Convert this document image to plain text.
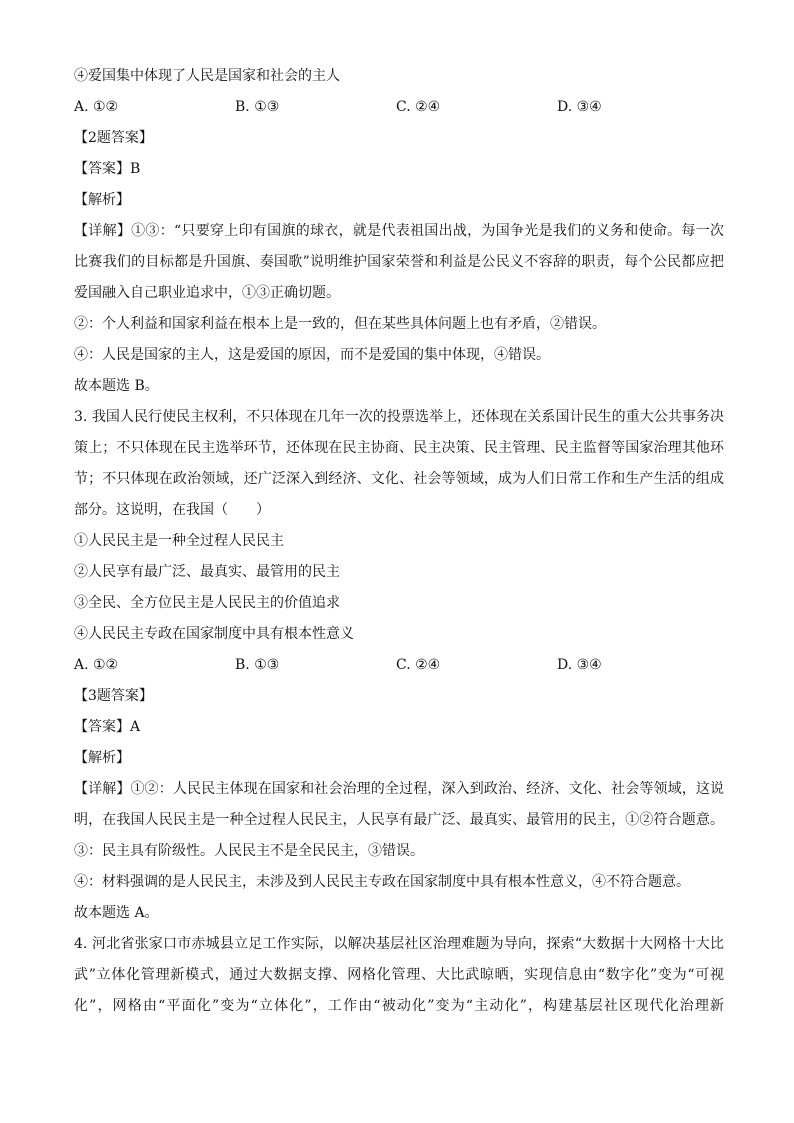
④爱国集中体现了人民是国家和社会的主人
A. ①②	B. ①③	C. ②④	D. ③④
【2题答案】
【答案】B
【解析】
【详解】①③：“只要穿上印有国旗的球衣，就是代表祖国出战，为国争光是我们的义务和使命。每一次
比赛我们的目标都是升国旗、奏国歌”说明维护国家荣誉和利益是公民义不容辞的职责，每个公民都应把
爱国融入自己职业追求中，①③正确切题。
②：个人利益和国家利益在根本上是一致的，但在某些具体问题上也有矛盾，②错误。
④：人民是国家的主人，这是爱国的原因，而不是爱国的集中体现，④错误。
故本题选 B。
3. 我国人民行使民主权利，不只体现在几年一次的投票选举上，还体现在关系国计民生的重大公共事务决
策上；不只体现在民主选举环节，还体现在民主协商、民主决策、民主管理、民主监督等国家治理其他环
节；不只体现在政治领域，还广泛深入到经济、文化、社会等领域，成为人们日常工作和生产生活的组成
部分。这说明，在我国（　　）
①人民民主是一种全过程人民民主
②人民享有最广泛、最真实、最管用的民主
③全民、全方位民主是人民民主的价值追求
④人民民主专政在国家制度中具有根本性意义
A. ①②	B. ①③	C. ②④	D. ③④
【3题答案】
【答案】A
【解析】
【详解】①②：人民民主体现在国家和社会治理的全过程，深入到政治、经济、文化、社会等领域，这说
明，在我国人民民主是一种全过程人民民主，人民享有最广泛、最真实、最管用的民主，①②符合题意。
③：民主具有阶级性。人民民主不是全民民主，③错误。
④：材料强调的是人民民主，未涉及到人民民主专政在国家制度中具有根本性意义，④不符合题意。
故本题选 A。
4. 河北省张家口市赤城县立足工作实际，以解决基层社区治理难题为导向，探索“大数据十大网格十大比
武”立体化管理新模式，通过大数据支撑、网格化管理、大比武晾晒，实现信息由“数字化”变为“可视
化”，网格由“平面化”变为“立体化”，工作由“被动化”变为“主动化”，构建基层社区现代化治理新
